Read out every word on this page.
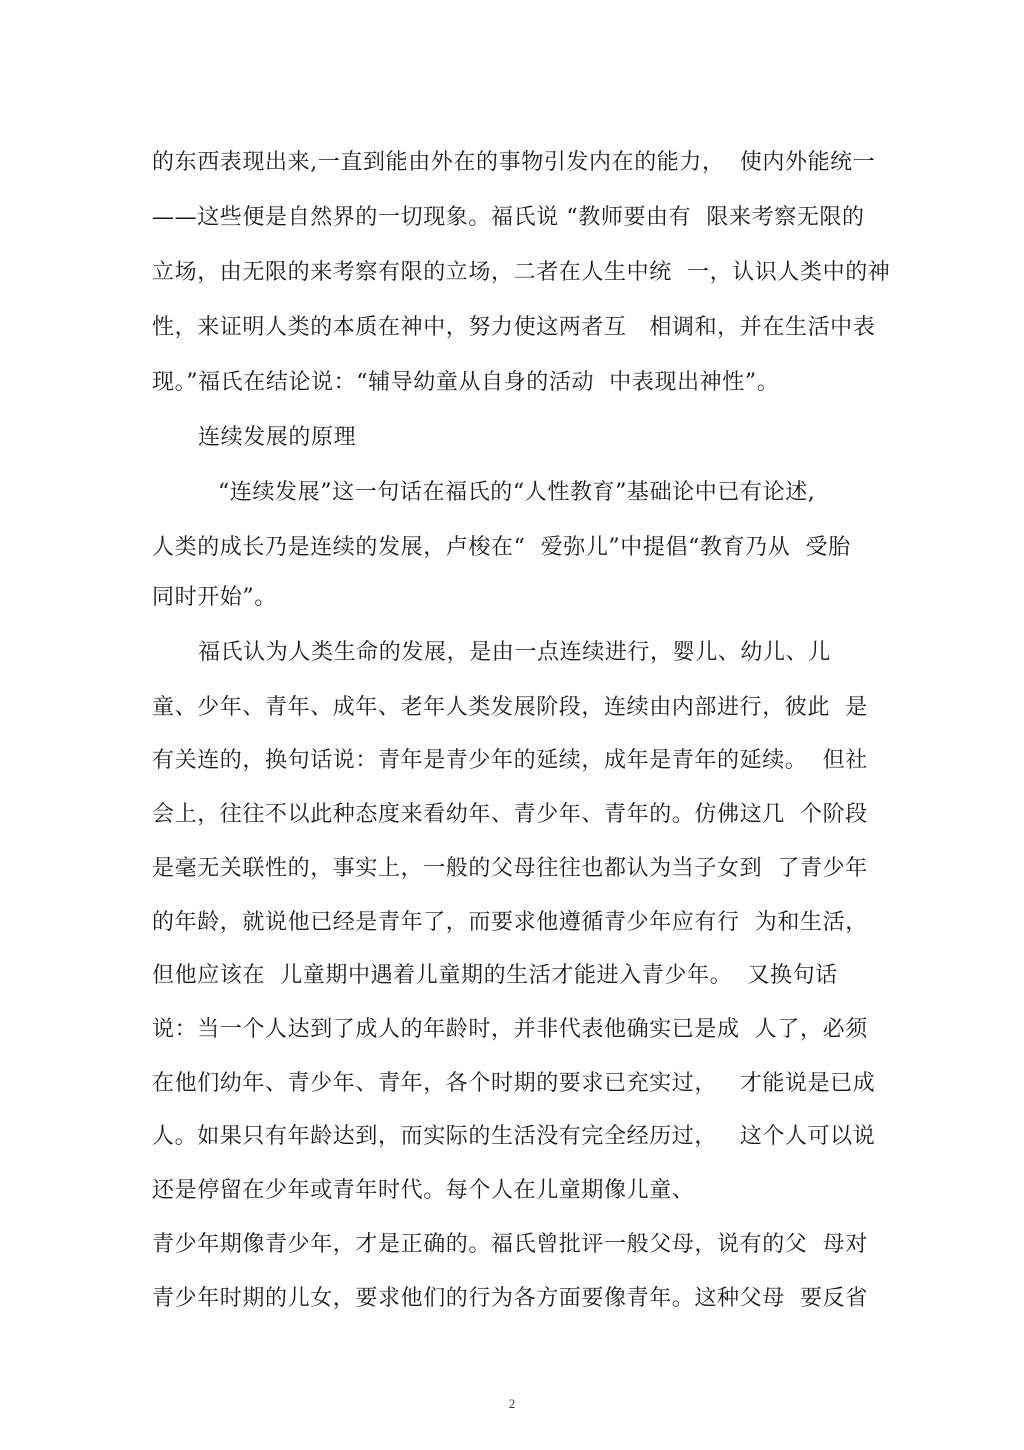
的东西表现出来,一直到能由外在的事物引发内在的能力，  使内外能统一
——这些便是自然界的一切现象。福氏说 “教师要由有  限来考察无限的
立场，由无限的来考察有限的立场，二者在人生中统  一，认识人类中的神
性，来证明人类的本质在神中，努力使这两者互   相调和，并在生活中表
现。”福氏在结论说：“辅导幼童从自身的活动  中表现出神性”。
连续发展的原理
“连续发展”这一句话在福氏的“人性教育”基础论中已有论述,
人类的成长乃是连续的发展，卢梭在“  爱弥儿”中提倡“教育乃从  受胎
同时开始”。
福氏认为人类生命的发展，是由一点连续进行，婴儿、幼儿、儿
童、少年、青年、成年、老年人类发展阶段，连续由内部进行，彼此  是
有关连的，换句话说：青年是青少年的延续，成年是青年的延续。  但社
会上，往往不以此种态度来看幼年、青少年、青年的。仿佛这几  个阶段
是毫无关联性的，事实上，一般的父母往往也都认为当子女到  了青少年
的年龄，就说他已经是青年了，而要求他遵循青少年应有行  为和生活，
但他应该在  儿童期中遇着儿童期的生活才能进入青少年。  又换句话
说：当一个人达到了成人的年龄时，并非代表他确实已是成  人了，必须
在他们幼年、青少年、青年，各个时期的要求已充实过，   才能说是已成
人。如果只有年龄达到，而实际的生活没有完全经历过，   这个人可以说
还是停留在少年或青年时代。每个人在儿童期像儿童、
青少年期像青少年，才是正确的。福氏曾批评一般父母，说有的父  母对
青少年时期的儿女，要求他们的行为各方面要像青年。这种父母  要反省
2
